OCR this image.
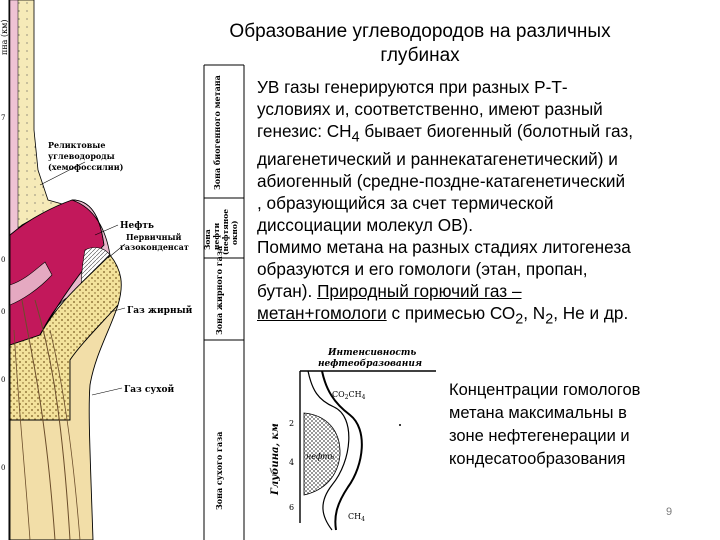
пна (км)
7
0
0
0
0
Реликтовые
углеводороды
(хемофоссилии)
Нефть
Первичный
газоконденсат
Газ жирный
Газ сухой
Зона биогенного метана
Зона нефти (нефтяное окно)
Зона жирного газа
Зона сухого газа
Образование углеводородов на различных
глубинах

УВ газы генерируются при разных Р-Т-

условиях и, соответственно, имеют разный

генезис: $СН_4$ бывает биогенный (болотный газ,

диагенетический и раннекатагенетический) и

абиогенный (средне-поздне-катагенетический

, образующийся за счет термической

диссоциации молекул ОВ).

Помимо метана на разных стадиях литогенеза

образуются и его гомологи (этан, пропан,

бутан). Природный горючий газ –

метан+гомологи с примесью $СО_2$, $N_2$, Не и др.

Интенсивность
нефтеобразования
Глубина, км 2
4
6
$CO_2CH_4$
нефть
$CH_4$
Концентрации гомологов
метана максимальны в
зоне нефтегенерации и
кондесатообразования
9
